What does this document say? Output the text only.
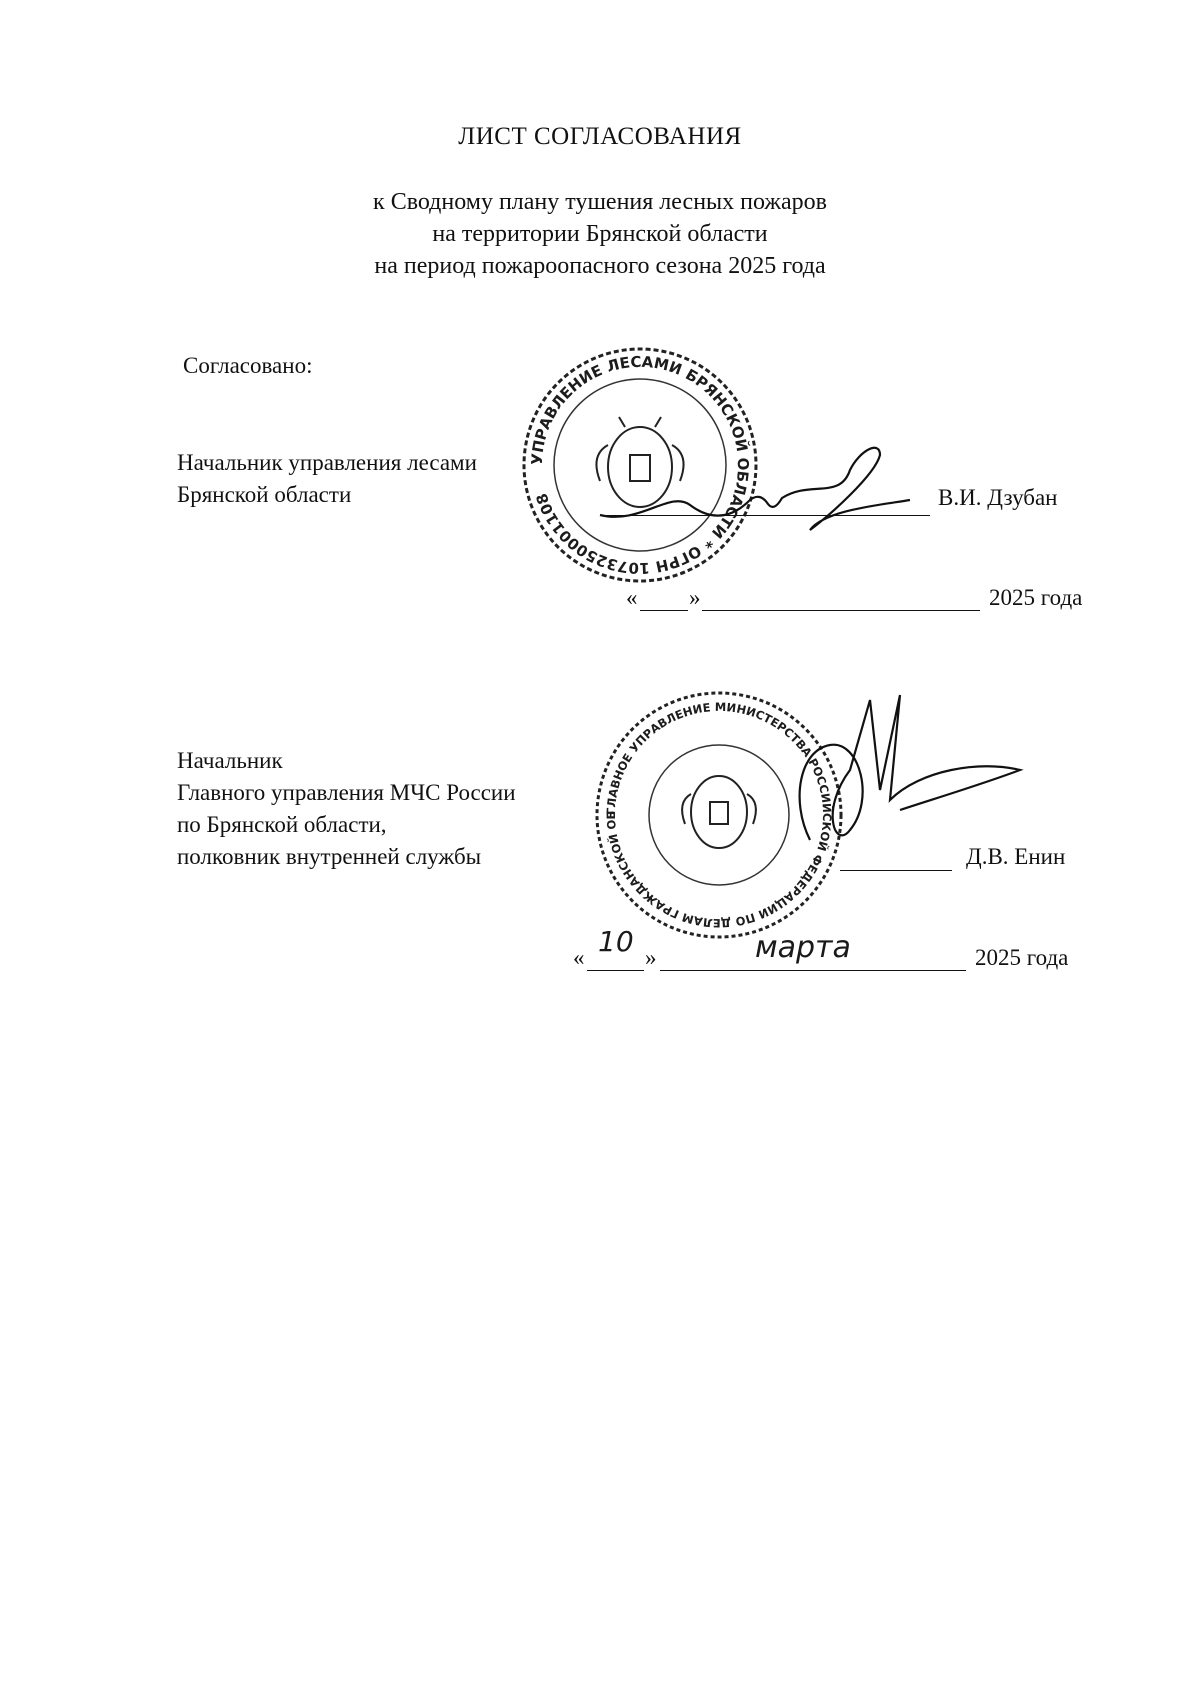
ЛИСТ СОГЛАСОВАНИЯ
к Сводному плану тушения лесных пожаров
на территории Брянской области
на период пожароопасного сезона 2025 года
Согласовано:
Начальник управления лесами
Брянской области
УПРАВЛЕНИЕ ЛЕСАМИ БРЯНСКОЙ ОБЛАСТИ * ОГРН 1073250001108	В.И. Дзубан
« »	2025 года
Начальник
Главного управления МЧС России
по Брянской области,
полковник внутренней службы
ГЛАВНОЕ УПРАВЛЕНИЕ МИНИСТЕРСТВА РОССИЙСКОЙ ФЕДЕРАЦИИ ПО ДЕЛАМ ГРАЖДАНСКОЙ ОБ
Д.В. Енин
« 10 »	марта	2025 года
